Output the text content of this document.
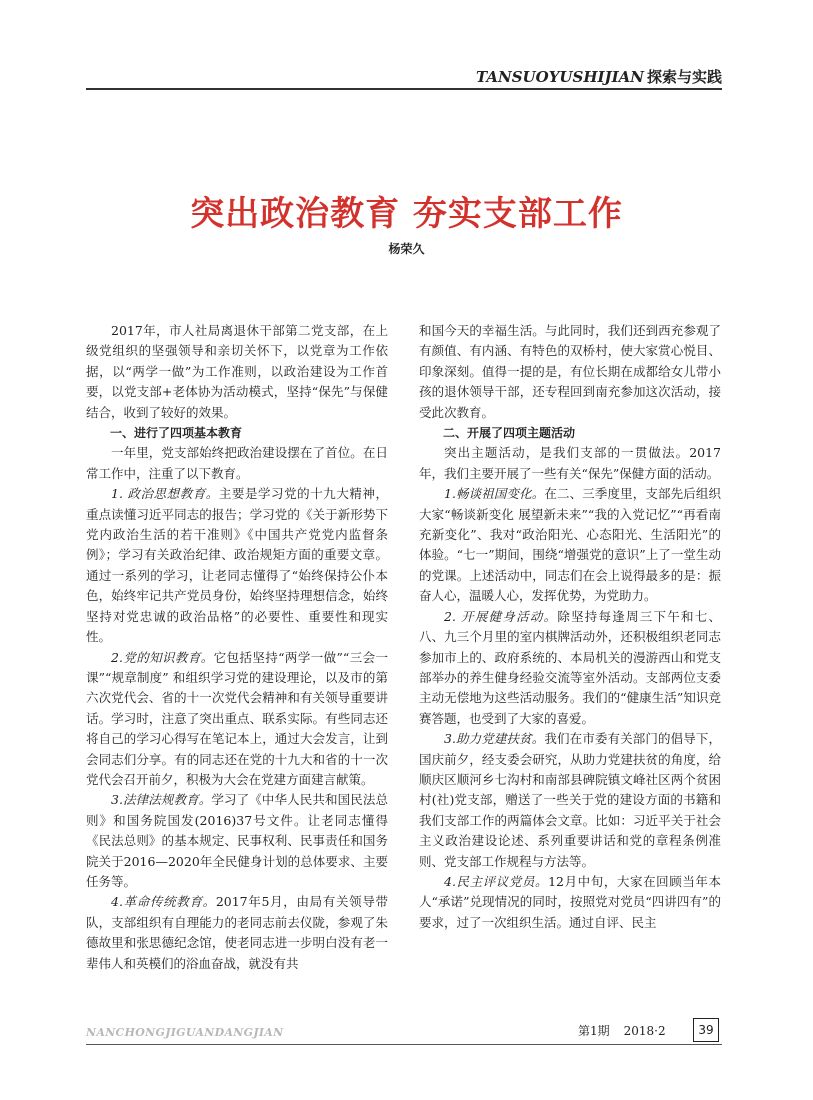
TANSUOYUSHIJIAN 探索与实践
突出政治教育 夯实支部工作
杨荣久

2017年，市人社局离退休干部第二党支部，在上级党组织的坚强领导和亲切关怀下，以党章为工作依据，以“两学一做”为工作准则，以政治建设为工作首要，以党支部+老体协为活动模式，坚持“保先”与保健结合，收到了较好的效果。

一、进行了四项基本教育

一年里，党支部始终把政治建设摆在了首位。在日常工作中，注重了以下教育。

1. 政治思想教育。主要是学习党的十九大精神，重点读懂习近平同志的报告；学习党的《关于新形势下党内政治生活的若干准则》《中国共产党党内监督条例》；学习有关政治纪律、政治规矩方面的重要文章。通过一系列的学习，让老同志懂得了“始终保持公仆本色，始终牢记共产党员身份，始终坚持理想信念，始终坚持对党忠诚的政治品格”的必要性、重要性和现实性。

2.党的知识教育。它包括坚持“两学一做”“三会一课”“规章制度” 和组织学习党的建设理论，以及市的第六次党代会、省的十一次党代会精神和有关领导重要讲话。学习时，注意了突出重点、联系实际。有些同志还将自己的学习心得写在笔记本上，通过大会发言，让到会同志们分享。有的同志还在党的十九大和省的十一次党代会召开前夕，积极为大会在党建方面建言献策。

3.法律法规教育。学习了《中华人民共和国民法总则》和国务院国发(2016)37号文件。让老同志懂得《民法总则》的基本规定、民事权利、民事责任和国务院关于2016—2020年全民健身计划的总体要求、主要任务等。

4.革命传统教育。2017年5月，由局有关领导带队，支部组织有自理能力的老同志前去仪陇，参观了朱德故里和张思德纪念馆，使老同志进一步明白没有老一辈伟人和英模们的浴血奋战，就没有共

和国今天的幸福生活。与此同时，我们还到西充参观了有颜值、有内涵、有特色的双桥村，使大家赏心悦目、印象深刻。值得一提的是，有位长期在成都给女儿带小孩的退休领导干部，还专程回到南充参加这次活动，接受此次教育。

二、开展了四项主题活动

突出主题活动，是我们支部的一贯做法。2017年，我们主要开展了一些有关“保先”保健方面的活动。

1.畅谈祖国变化。在二、三季度里，支部先后组织大家“畅谈新变化 展望新未来”“我的入党记忆”“再看南充新变化”、我对“政治阳光、心态阳光、生活阳光”的体验。“七一”期间，围绕“增强党的意识”上了一堂生动的党课。上述活动中，同志们在会上说得最多的是：振奋人心，温暖人心，发挥优势，为党助力。

2. 开展健身活动。除坚持每逢周三下午和七、八、九三个月里的室内棋牌活动外，还积极组织老同志参加市上的、政府系统的、本局机关的漫游西山和党支部举办的养生健身经验交流等室外活动。支部两位支委主动无偿地为这些活动服务。我们的“健康生活”知识竞赛答题，也受到了大家的喜爱。

3.助力党建扶贫。我们在市委有关部门的倡导下，国庆前夕，经支委会研究，从助力党建扶贫的角度，给顺庆区顺河乡七沟村和南部县碑院镇文峰社区两个贫困村(社)党支部，赠送了一些关于党的建设方面的书籍和我们支部工作的两篇体会文章。比如：习近平关于社会主义政治建设论述、系列重要讲话和党的章程条例准则、党支部工作规程与方法等。

4.民主评议党员。12月中旬，大家在回顾当年本人“承诺”兑现情况的同时，按照党对党员“四讲四有”的要求，过了一次组织生活。通过自评、民主

NANCHONGJIGUANDANGJIAN	第1期 2018·2	39
